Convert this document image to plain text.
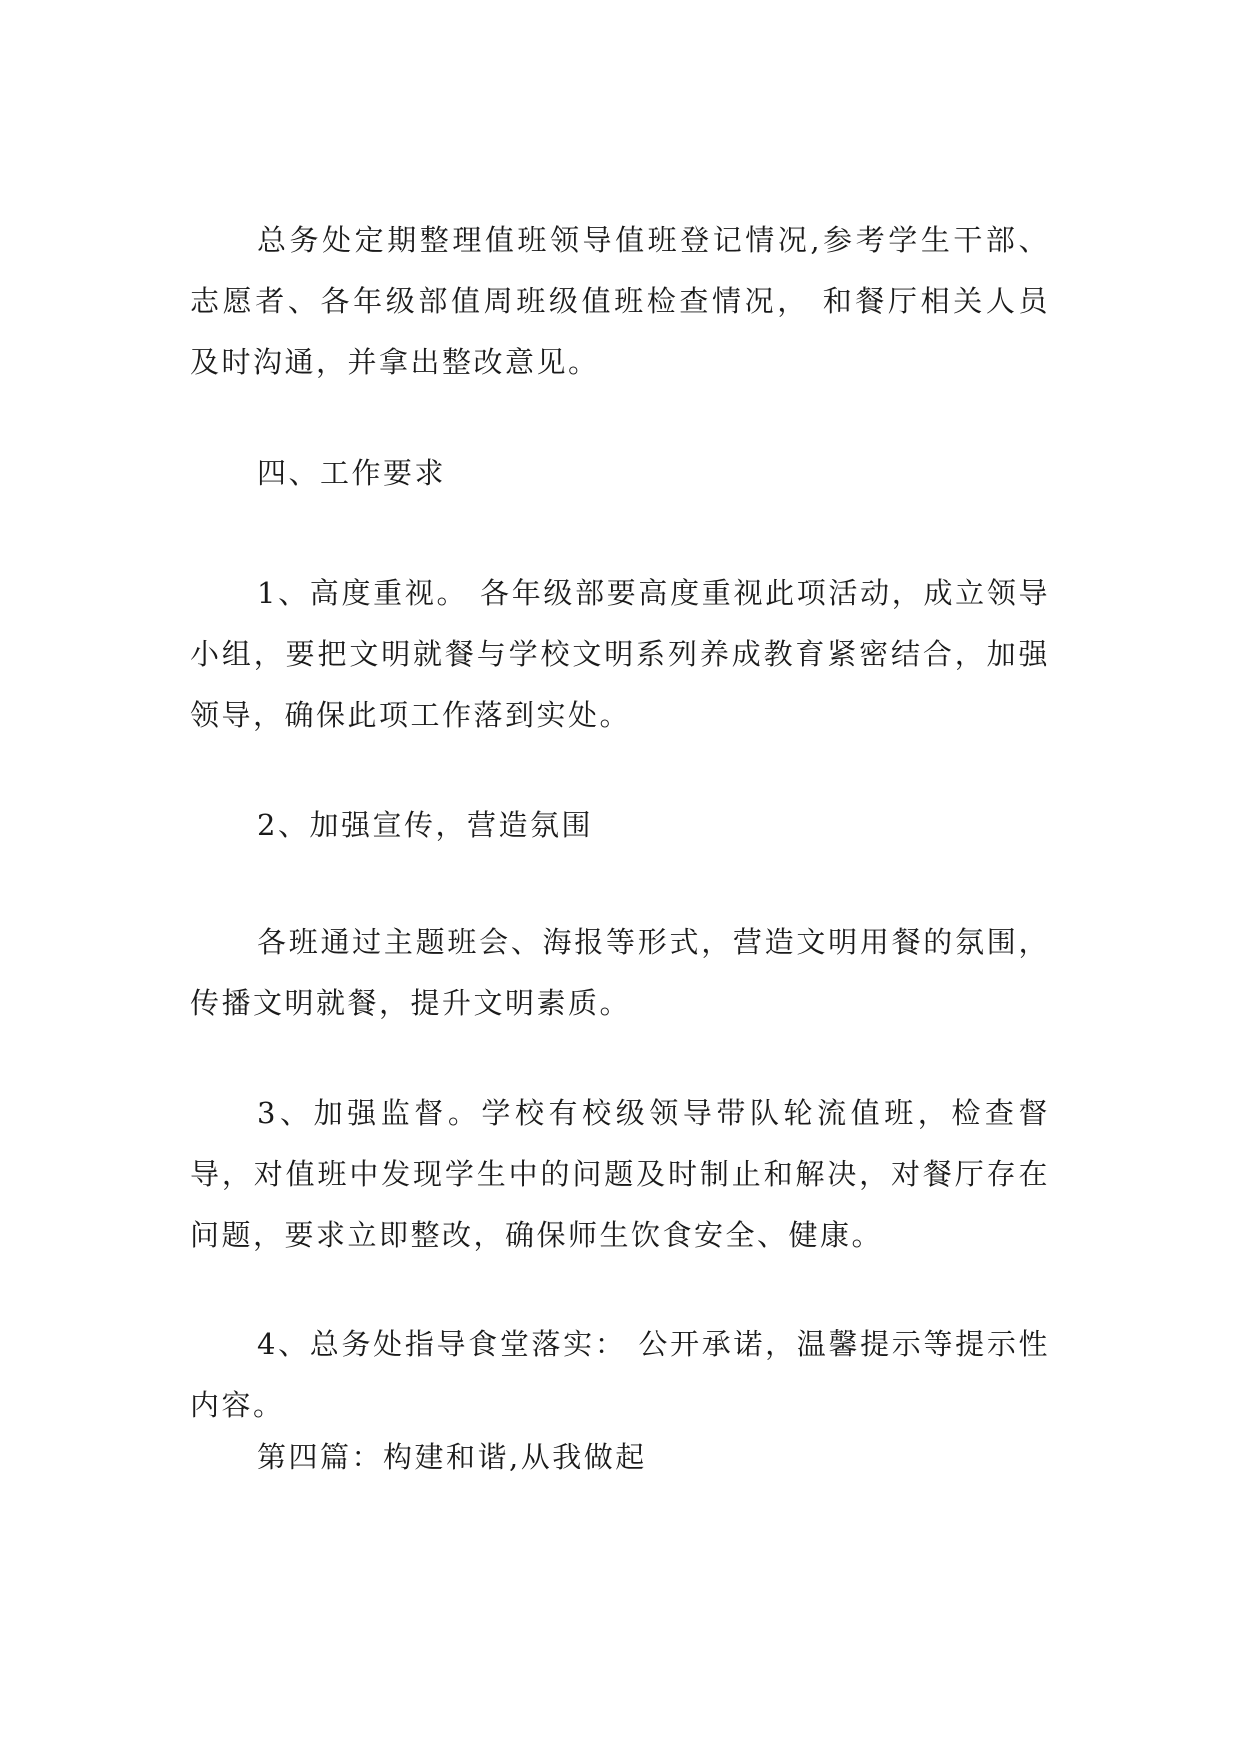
总务处定期整理值班领导值班登记情况,参考学生干部、志愿者、各年级部值周班级值班检查情况， 和餐厅相关人员及时沟通，并拿出整改意见。

四、工作要求

1、高度重视。 各年级部要高度重视此项活动，成立领导小组，要把文明就餐与学校文明系列养成教育紧密结合，加强领导，确保此项工作落到实处。

2、加强宣传，营造氛围

各班通过主题班会、海报等形式，营造文明用餐的氛围，传播文明就餐，提升文明素质。

3、加强监督。学校有校级领导带队轮流值班，检查督导，对值班中发现学生中的问题及时制止和解决，对餐厅存在问题，要求立即整改，确保师生饮食安全、健康。

4、总务处指导食堂落实： 公开承诺，温馨提示等提示性内容。

第四篇：构建和谐,从我做起
